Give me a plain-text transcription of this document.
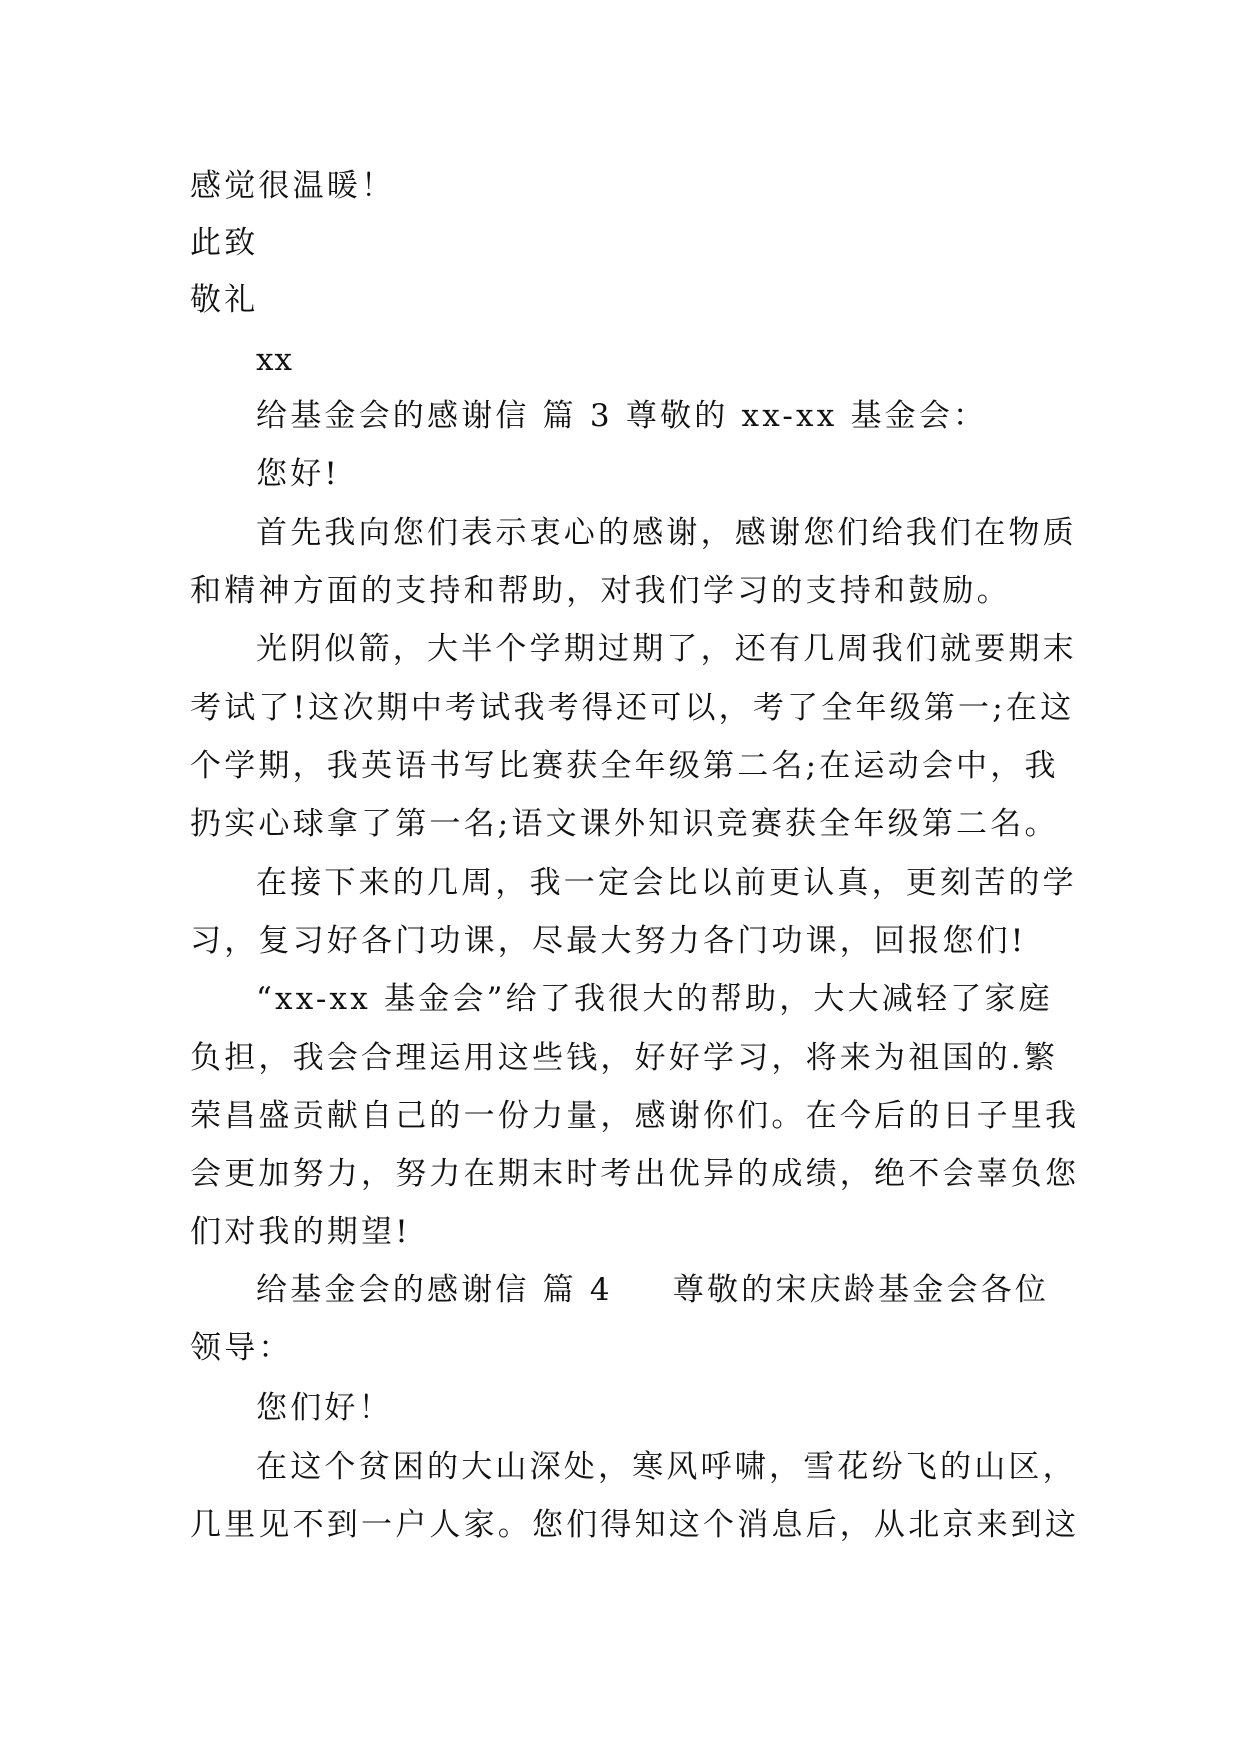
感觉很温暖！

此致

敬礼

xx

给基金会的感谢信 篇 3 尊敬的 xx-xx 基金会：

您好!

首先我向您们表示衷心的感谢，感谢您们给我们在物质

和精神方面的支持和帮助，对我们学习的支持和鼓励。

光阴似箭，大半个学期过期了，还有几周我们就要期末

考试了!这次期中考试我考得还可以，考了全年级第一;在这

个学期，我英语书写比赛获全年级第二名;在运动会中，我

扔实心球拿了第一名;语文课外知识竞赛获全年级第二名。

在接下来的几周，我一定会比以前更认真，更刻苦的学

习，复习好各门功课，尽最大努力各门功课，回报您们!

“xx-xx 基金会”给了我很大的帮助，大大减轻了家庭

负担，我会合理运用这些钱，好好学习，将来为祖国的.繁

荣昌盛贡献自己的一份力量，感谢你们。在今后的日子里我

会更加努力，努力在期末时考出优异的成绩，绝不会辜负您

们对我的期望!

给基金会的感谢信 篇 4 尊敬的宋庆龄基金会各位

领导：

您们好！

在这个贫困的大山深处，寒风呼啸，雪花纷飞的山区，

几里见不到一户人家。您们得知这个消息后，从北京来到这
